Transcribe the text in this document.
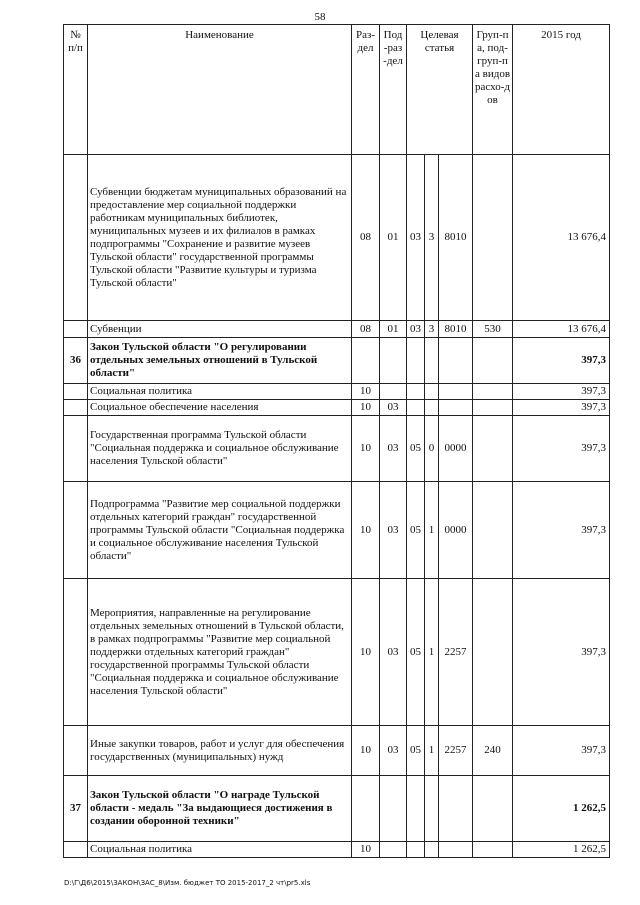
58
№ п/п	Наименование	Раз-дел	Под-раз-дел	Целевая статья			Груп-па, под-груп-па видов расхо-дов	2015 год
	Субвенции бюджетам муниципальных образований на предоставление мер социальной поддержки работникам муниципальных библиотек, муниципальных музеев и их филиалов в рамках подпрограммы "Сохранение и развитие музеев Тульской области" государственной программы Тульской области "Развитие культуры и туризма Тульской области"	08	01	03	3	8010		13 676,4
	Субвенции	08	01	03	3	8010	530	13 676,4
36	Закон Тульской области "О регулировании отдельных земельных отношений в Тульской области"							397,3
	Социальная политика	10						397,3
	Социальное обеспечение населения	10	03					397,3
	Государственная программа Тульской области "Социальная поддержка и социальное обслуживание населения Тульской области"	10	03	05	0	0000		397,3
	Подпрограмма "Развитие мер социальной поддержки отдельных категорий граждан" государственной программы Тульской области "Социальная поддержка и социальное обслуживание населения Тульской области"	10	03	05	1	0000		397,3
	Мероприятия, направленные на регулирование отдельных земельных отношений в Тульской области, в рамках подпрограммы "Развитие мер социальной поддержки отдельных категорий граждан" государственной программы Тульской области "Социальная поддержка и социальное обслуживание населения Тульской области"	10	03	05	1	2257		397,3
	Иные закупки товаров, работ и услуг для обеспечения государственных (муниципальных) нужд	10	03	05	1	2257	240	397,3
37	Закон Тульской области "О награде Тульской области - медаль "За выдающиеся достижения в создании оборонной техники"							1 262,5
	Социальная политика	10						1 262,5
D:\Г\Д6\2015\ЗАКОН\ЗАС_8\Изм. бюджет ТО 2015-2017_2 чт\pr5.xls
